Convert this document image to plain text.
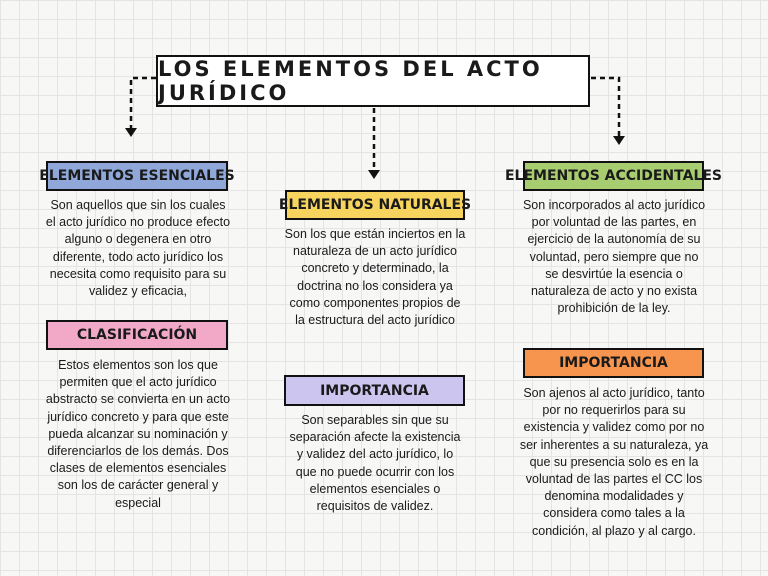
LOS ELEMENTOS DEL ACTO JURÍDICO
ELEMENTOS ESENCIALES
Son aquellos que sin los cuales el acto jurídico no produce efecto alguno o degenera en otro diferente, todo acto jurídico los necesita como requisito para su validez y eficacia,
CLASIFICACIÓN
Estos elementos son los que permiten que el acto jurídico abstracto se convierta en un acto jurídico concreto y para que este pueda alcanzar su nominación y diferenciarlos de los demás. Dos clases de elementos esenciales son los de carácter general y especial
ELEMENTOS NATURALES
Son los que están inciertos en la naturaleza de un acto jurídico concreto y determinado, la doctrina no los considera ya como componentes propios de la estructura del acto jurídico
IMPORTANCIA
Son separables sin que su separación afecte la existencia y validez del acto jurídico, lo que no puede ocurrir con los elementos esenciales o requisitos de validez.
ELEMENTOS ACCIDENTALES
Son incorporados al acto jurídico por voluntad de las partes, en ejercicio de la autonomía de su voluntad, pero siempre que no se desvirtúe la esencia o naturaleza de acto y no exista prohibición de la ley.
IMPORTANCIA
Son ajenos al acto jurídico, tanto por no requerirlos para su existencia y validez como por no ser inherentes a su naturaleza, ya que su presencia solo es en la voluntad de las partes el CC los denomina modalidades y considera como tales a la condición, al plazo y al cargo.
